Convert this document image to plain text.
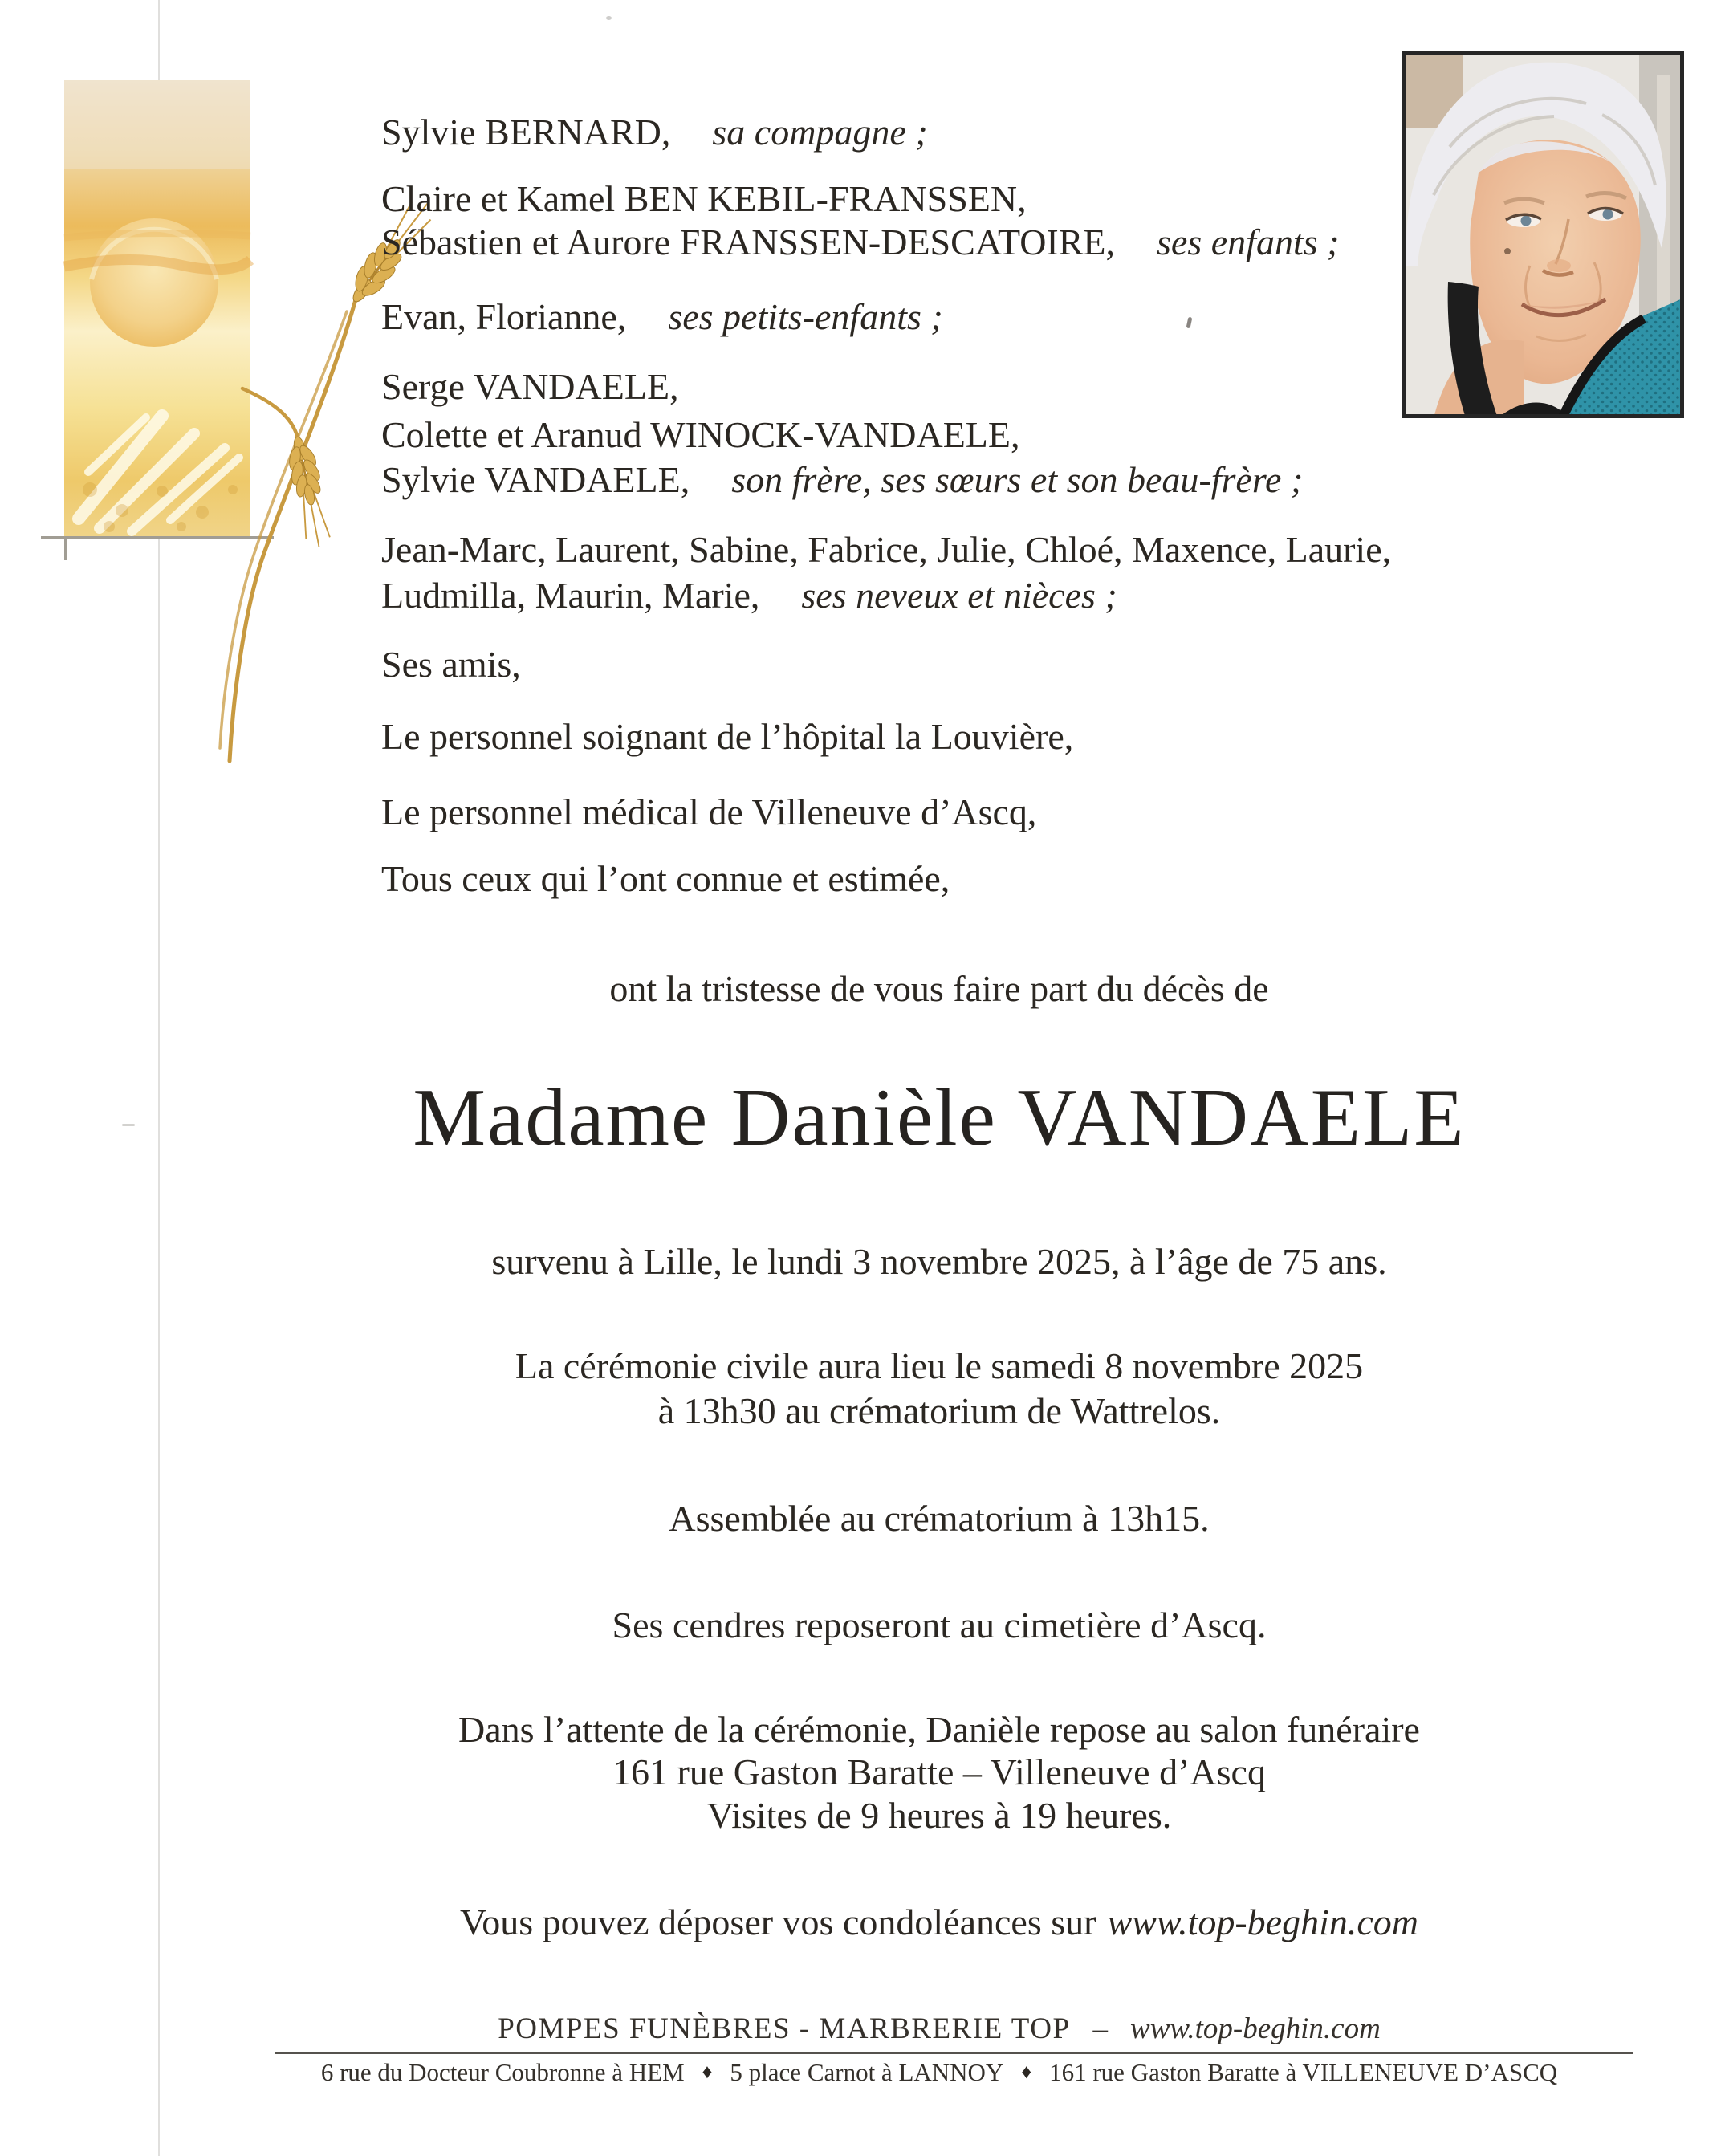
Sylvie BERNARD, sa compagne ;
Claire et Kamel BEN KEBIL-FRANSSEN,
Sébastien et Aurore FRANSSEN-DESCATOIRE, ses enfants ;
Evan, Florianne, ses petits-enfants ;
Serge VANDAELE,
Colette et Aranud WINOCK-VANDAELE,
Sylvie VANDAELE, son frère, ses sœurs et son beau-frère ;
Jean-Marc, Laurent, Sabine, Fabrice, Julie, Chloé, Maxence, Laurie,
Ludmilla, Maurin, Marie, ses neveux et nièces ;
Ses amis,
Le personnel soignant de l’hôpital la Louvière,
Le personnel médical de Villeneuve d’Ascq,
Tous ceux qui l’ont connue et estimée,
ont la tristesse de vous faire part du décès de
Madame Danièle VANDAELE
survenu à Lille, le lundi 3 novembre 2025, à l’âge de 75 ans.
La cérémonie civile aura lieu le samedi 8 novembre 2025
à 13h30 au crématorium de Wattrelos.
Assemblée au crématorium à 13h15.
Ses cendres reposeront au cimetière d’Ascq.
Dans l’attente de la cérémonie, Danièle repose au salon funéraire
161 rue Gaston Baratte – Villeneuve d’Ascq
Visites de 9 heures à 19 heures.
Vous pouvez déposer vos condoléances sur www.top-beghin.com
POMPES FUNÈBRES - MARBRERIE TOP – www.top-beghin.com
6 rue du Docteur Coubronne à HEM ♦ 5 place Carnot à LANNOY ♦ 161 rue Gaston Baratte à VILLENEUVE D’ASCQ
